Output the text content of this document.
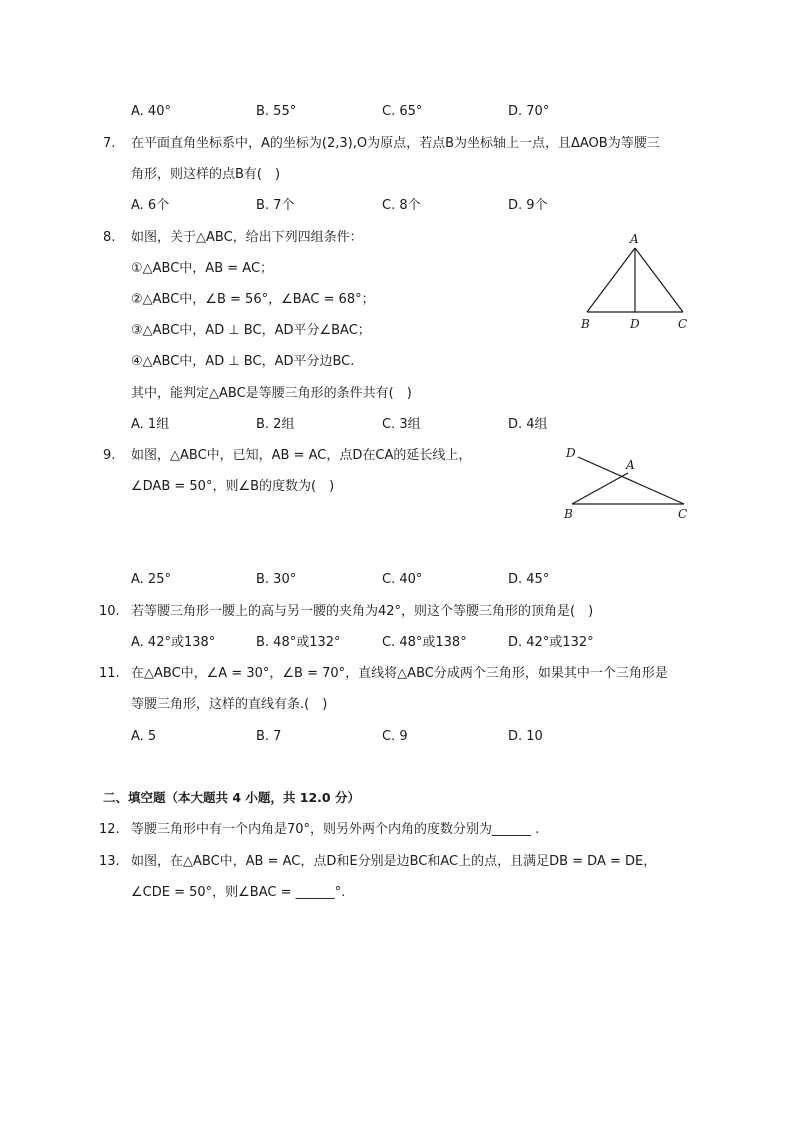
A. 40°	B. 55°	C. 65°	D. 70°
7. 在平面直角坐标系中，A的坐标为(2,3),O为原点，若点B为坐标轴上一点，且ΔAOB为等腰三
角形，则这样的点B有(　)
A. 6个	B. 7个	C. 8个	D. 9个
8. 如图，关于△ABC，给出下列四组条件：
①△ABC中，AB = AC；
②△ABC中，∠B = 56°，∠BAC = 68°；
③△ABC中，AD ⊥ BC，AD平分∠BAC；
④△ABC中，AD ⊥ BC，AD平分边BC.
其中，能判定△ABC是等腰三角形的条件共有(　)
A. 1组	B. 2组	C. 3组	D. 4组
A
B	D	C
9. 如图，△ABC中，已知，AB = AC，点D在CA的延长线上，
∠DAB = 50°，则∠B的度数为(　)
D
A
B	C
A. 25°	B. 30°	C. 40°	D. 45°
10. 若等腰三角形一腰上的高与另一腰的夹角为42°，则这个等腰三角形的顶角是(　)
A. 42°或138°	B. 48°或132°	C. 48°或138°	D. 42°或132°
11. 在△ABC中，∠A = 30°，∠B = 70°，直线将△ABC分成两个三角形，如果其中一个三角形是
等腰三角形，这样的直线有条.(　)
A. 5	B. 7	C. 9	D. 10
二、填空题（本大题共 4 小题，共 12.0 分）
12. 等腰三角形中有一个内角是70°，则另外两个内角的度数分别为______ .
13. 如图，在△ABC中，AB = AC，点D和E分别是边BC和AC上的点，且满足DB = DA = DE，
∠CDE = 50°，则∠BAC = ______°.
